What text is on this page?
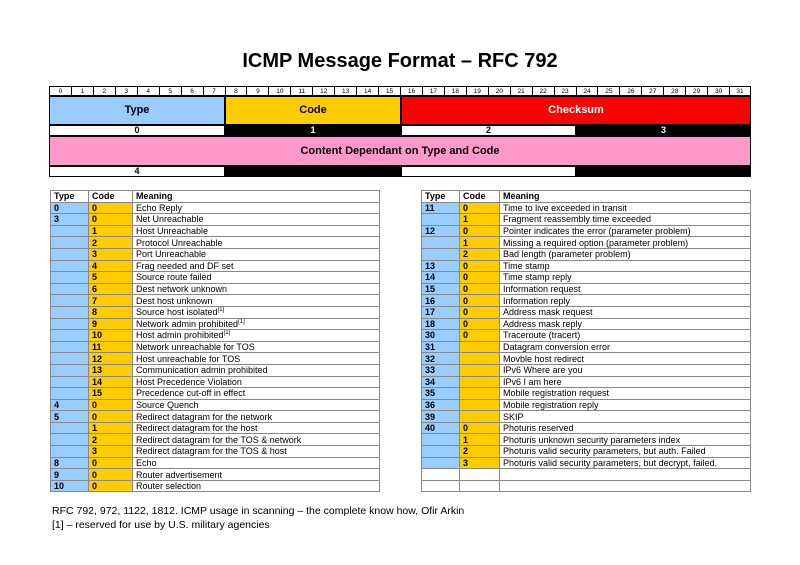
ICMP Message Format – RFC 792
0	1	2	3	4	5	6	7	8	9	10	11	12	13	14	15	16	17	18	19	20	21	22	23	24	25	26	27	28	29	30	31
Type	Code	Checksum
0	1	2	3
Content Dependant on Type and Code
4
Type	Code	Meaning
0	0	Echo Reply
3	0	Net Unreachable
	1	Host Unreachable
	2	Protocol Unreachable
	3	Port Unreachable
	4	Frag needed and DF set
	5	Source route failed
	6	Dest network unknown
	7	Dest host unknown
	8	Source host isolated[1]
	9	Network admin prohibited[1]
	10	Host admin prohibited[1]
	11	Network unreachable for TOS
	12	Host unreachable for TOS
	13	Communication admin prohibited
	14	Host Precedence Violation
	15	Precedence cut-off in effect
4	0	Source Quench
5	0	Redirect datagram for the network
	1	Redirect datagram for the host
	2	Redirect datagram for the TOS & network
	3	Redirect datagram for the TOS & host
8	0	Echo
9	0	Router advertisement
10	0	Router selection
Type	Code	Meaning
11	0	Time to live exceeded in transit
	1	Fragment reassembly time exceeded
12	0	Pointer indicates the error (parameter problem)
	1	Missing a required option (parameter problem)
	2	Bad length (parameter problem)
13	0	Time stamp
14	0	Time stamp reply
15	0	Information request
16	0	Information reply
17	0	Address mask request
18	0	Address mask reply
30	0	Traceroute (tracert)
31		Datagram conversion error
32		Movble host redirect
33		IPv6 Where are you
34		IPv6 I am here
35		Mobile registration request
36		Mobile registration reply
39		SKIP
40	0	Photuris reserved
	1	Photuris unknown security parameters index
	2	Photuris valid security parameters, but auth. Failed
	3	Photuris valid security parameters, but decrypt, failed.

RFC 792, 972, 1122, 1812. ICMP usage in scanning – the complete know how, Ofir Arkin
[1] – reserved for use by U.S. military agencies
